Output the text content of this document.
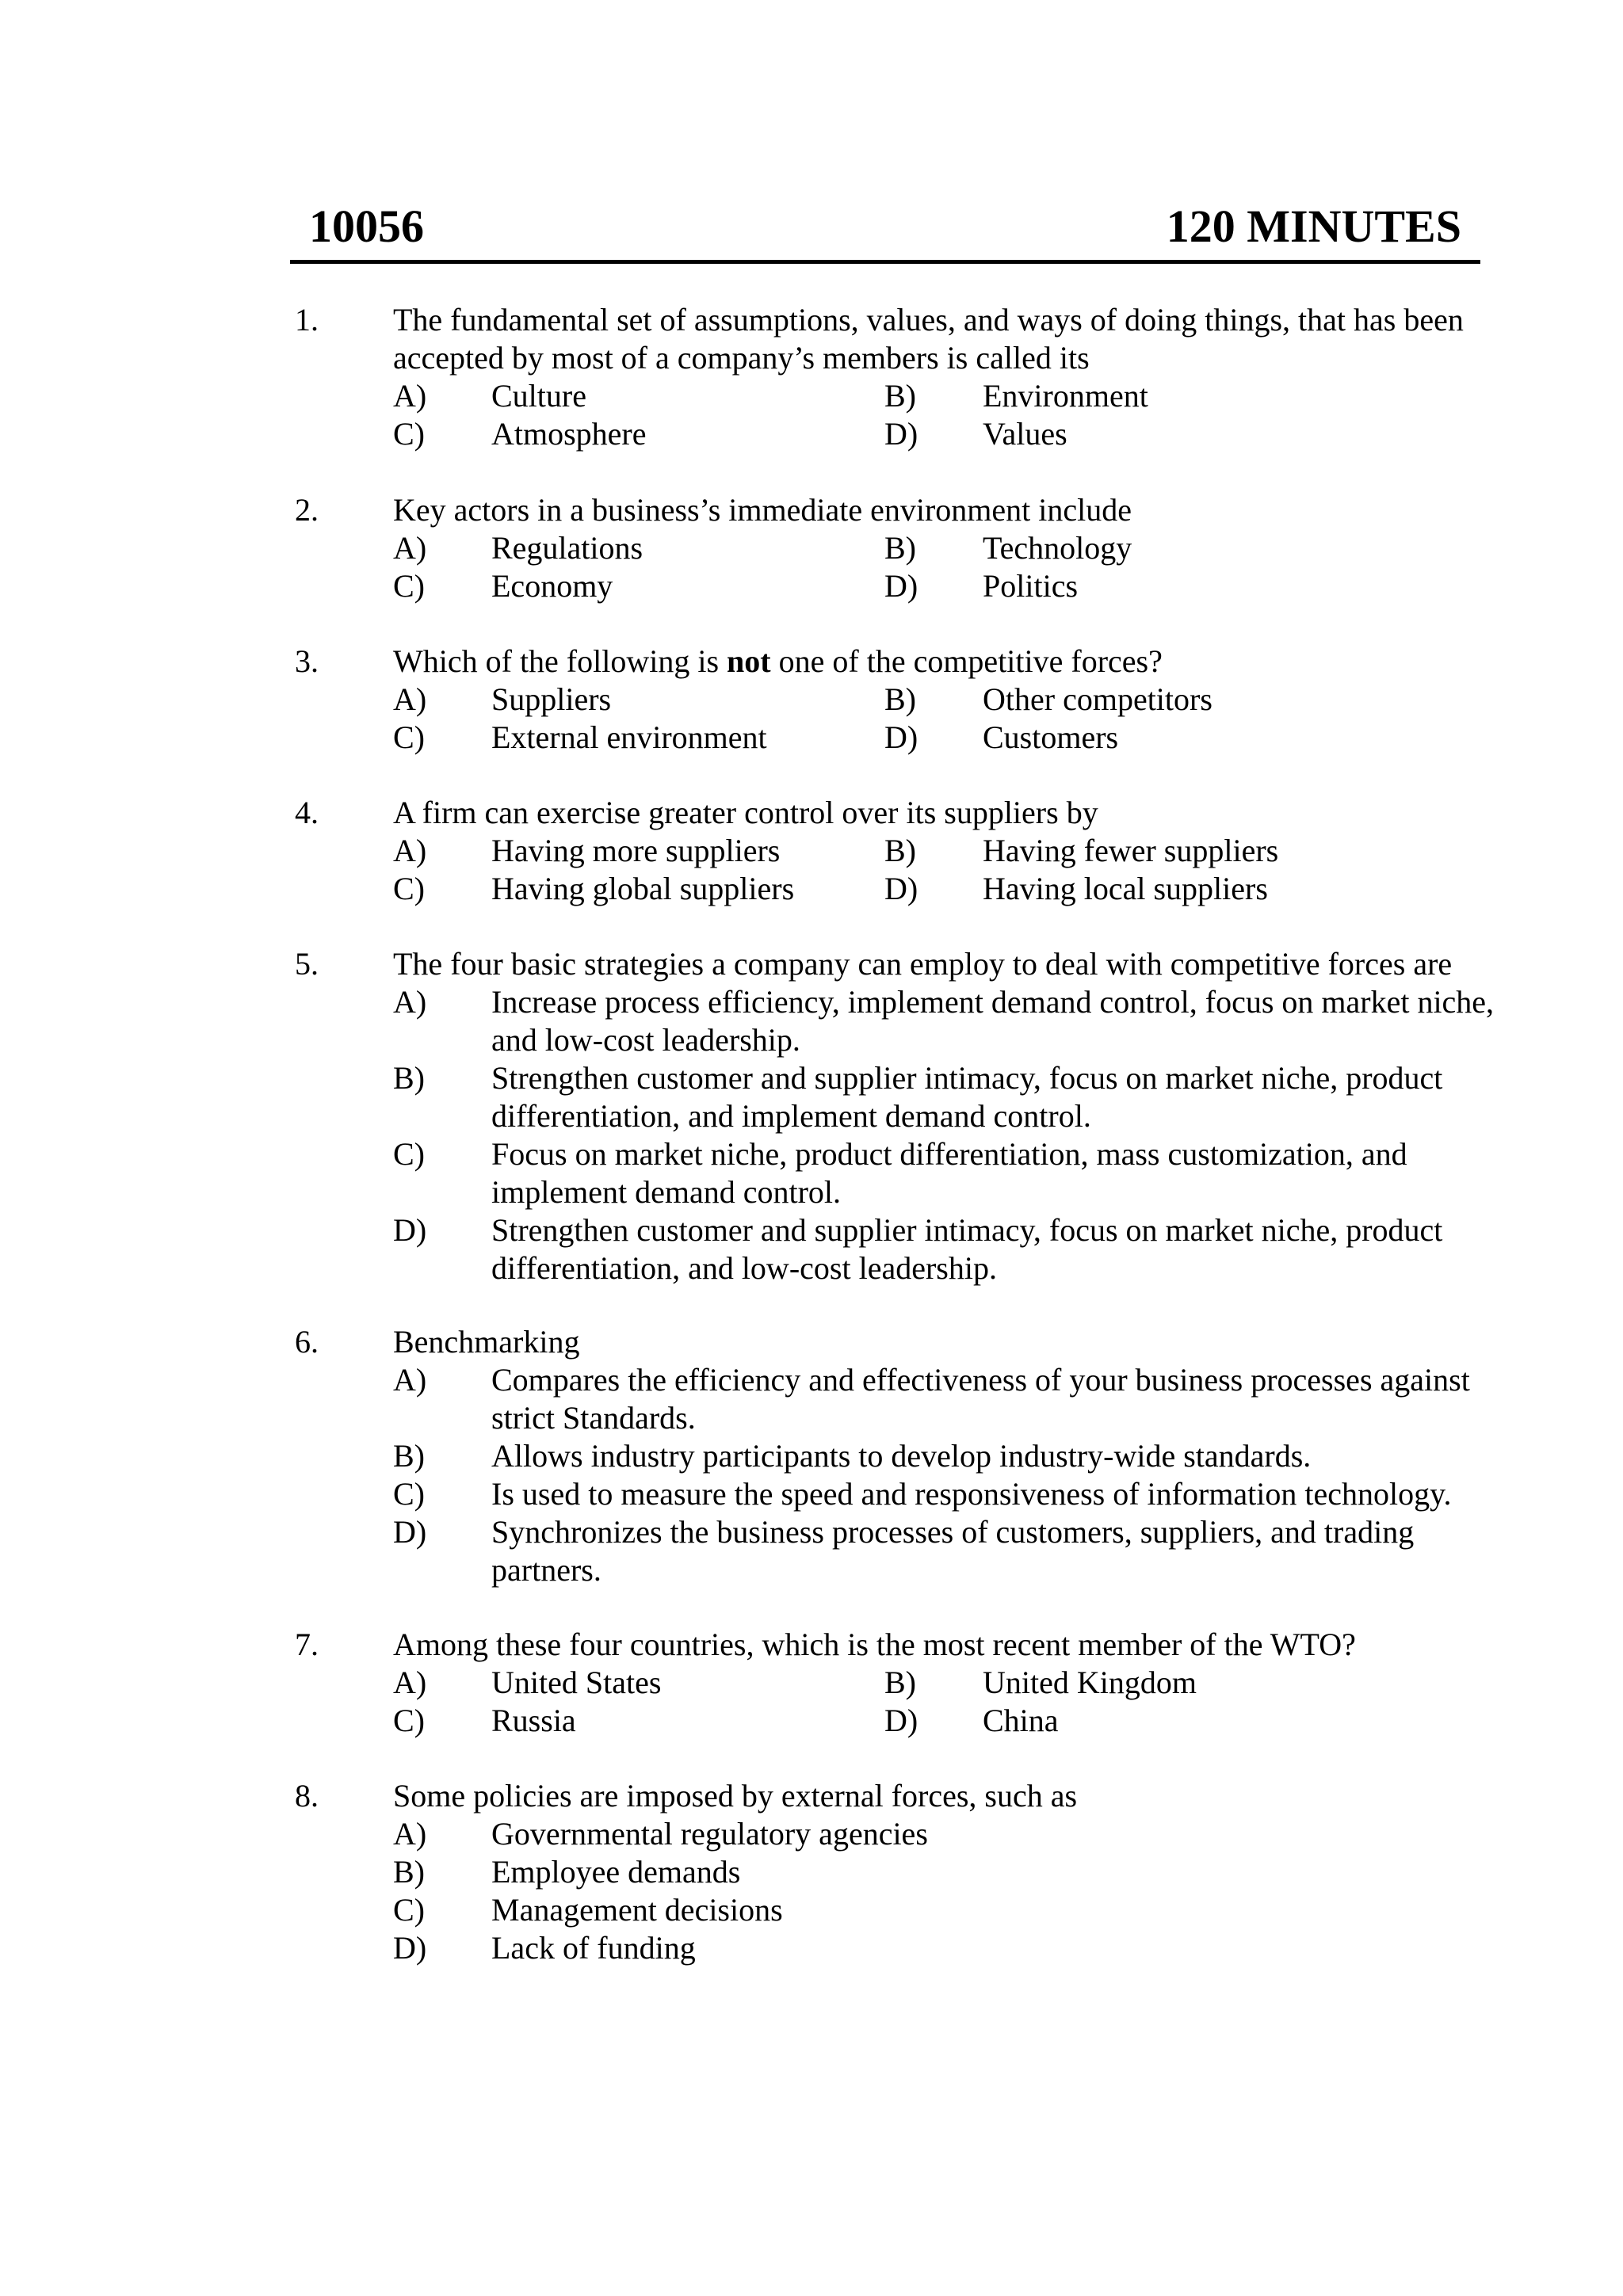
10056	120 MINUTES
1. The fundamental set of assumptions, values, and ways of doing things, that has been accepted by most of a company’s members is called its
A) Culture	B) Environment
C) Atmosphere	D) Values
2. Key actors in a business’s immediate environment include
A) Regulations	B) Technology
C) Economy	D) Politics
3. Which of the following is not one of the competitive forces?
A) Suppliers	B) Other competitors
C) External environment	D) Customers
4. A firm can exercise greater control over its suppliers by
A) Having more suppliers	B) Having fewer suppliers
C) Having global suppliers	D) Having local suppliers
5. The four basic strategies a company can employ to deal with competitive forces are
A) Increase process efficiency, implement demand control, focus on market niche, and low-cost leadership.
B) Strengthen customer and supplier intimacy, focus on market niche, product differentiation, and implement demand control.
C) Focus on market niche, product differentiation, mass customization, and implement demand control.
D) Strengthen customer and supplier intimacy, focus on market niche, product differentiation, and low-cost leadership.
6. Benchmarking
A) Compares the efficiency and effectiveness of your business processes against strict Standards.
B) Allows industry participants to develop industry-wide standards.
C) Is used to measure the speed and responsiveness of information technology.
D) Synchronizes the business processes of customers, suppliers, and trading partners.
7. Among these four countries, which is the most recent member of the WTO?
A) United States	B) United Kingdom
C) Russia	D) China
8. Some policies are imposed by external forces, such as
A) Governmental regulatory agencies
B) Employee demands
C) Management decisions
D) Lack of funding
